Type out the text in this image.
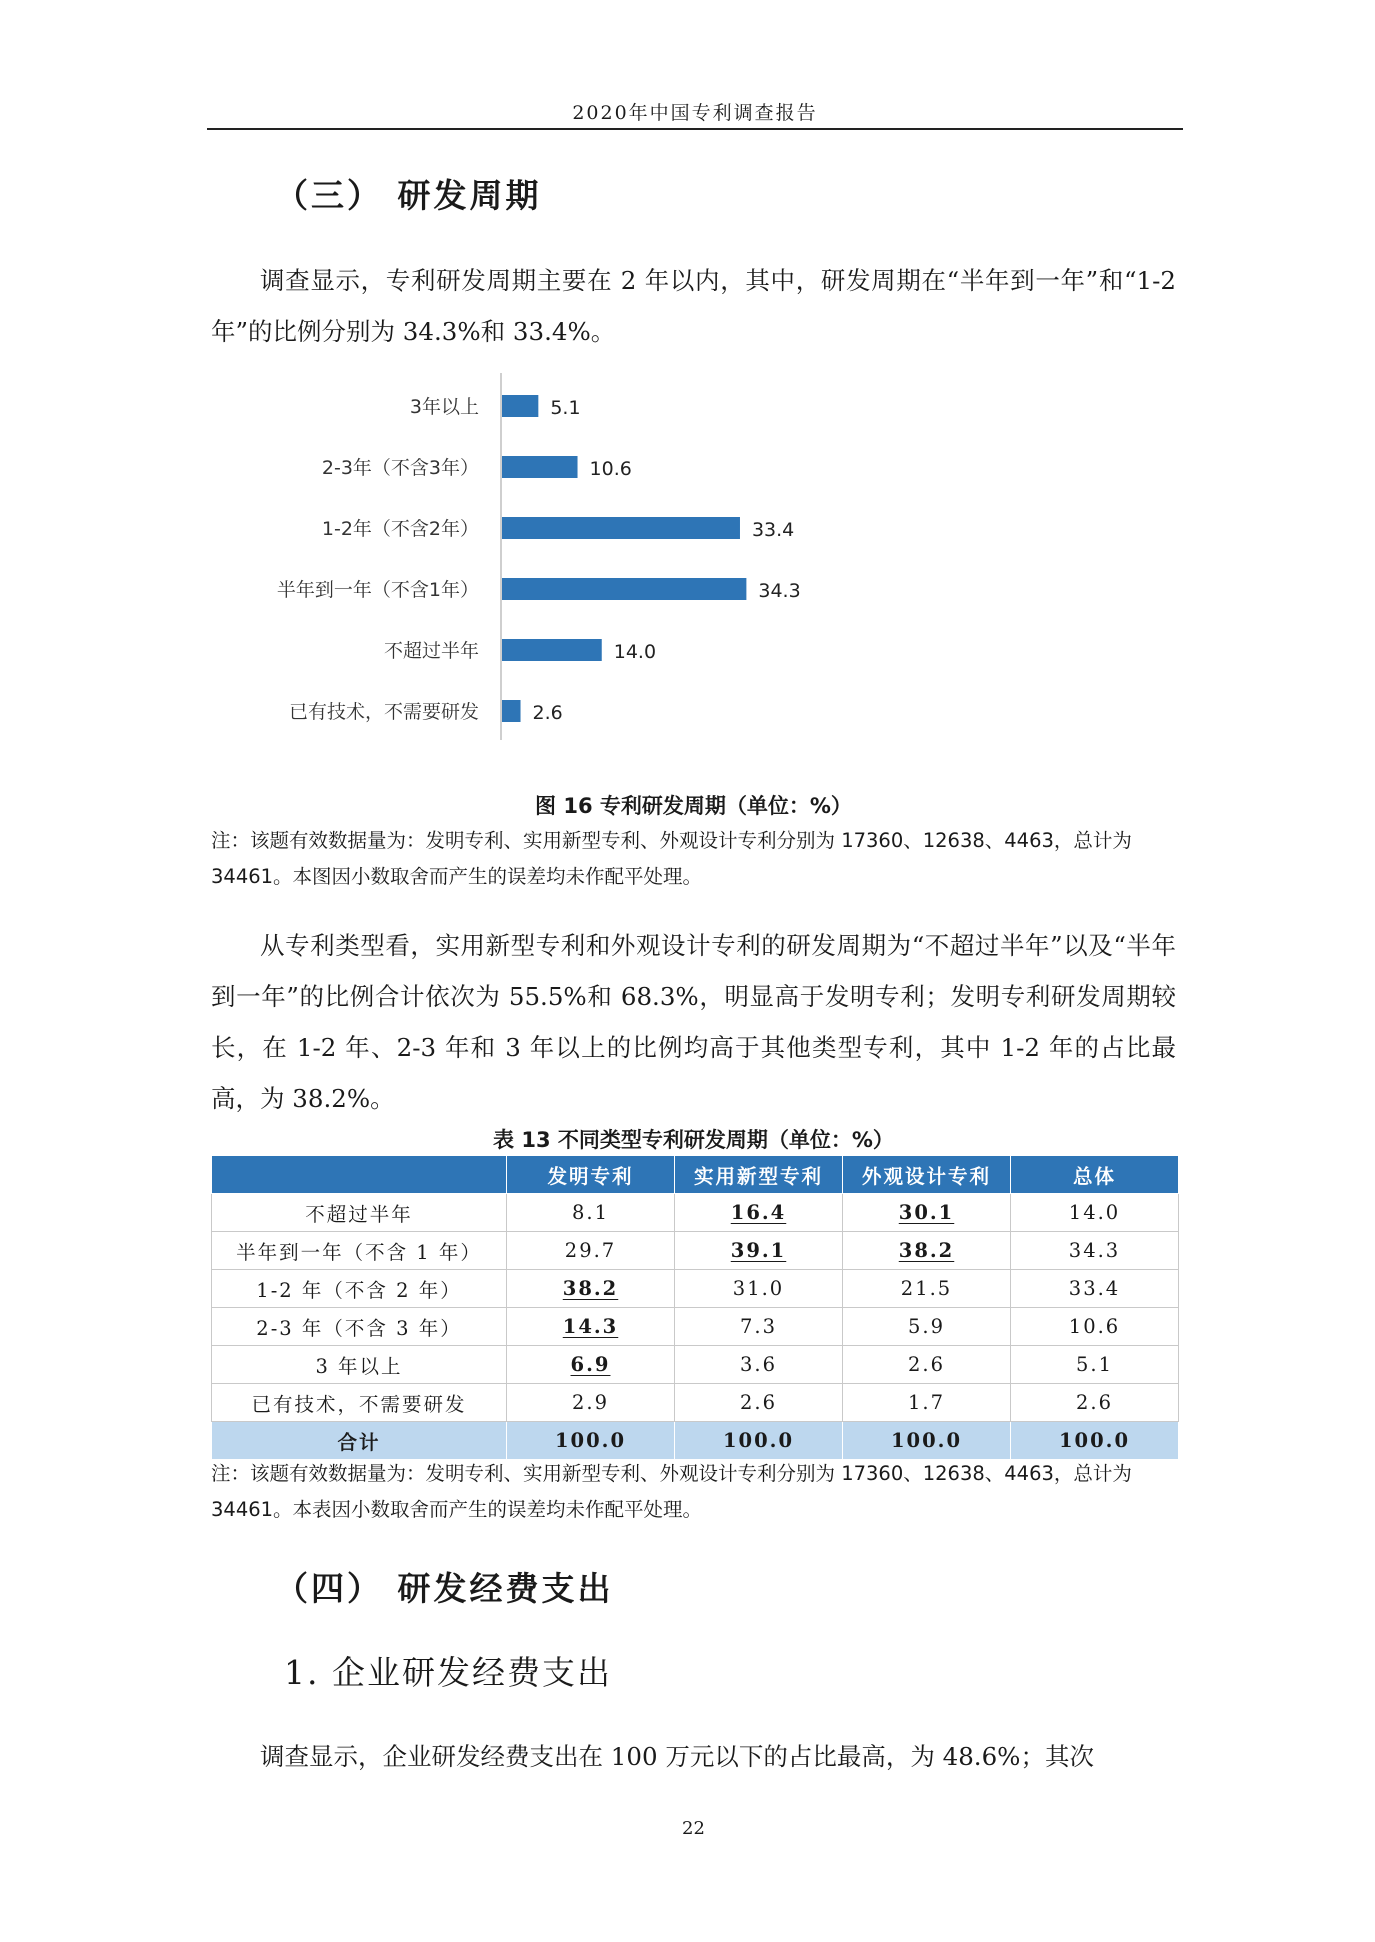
2020年中国专利调查报告
（三） 研发周期

调查显示，专利研发周期主要在 2 年以内，其中，研发周期在“半年到一年”和“1-2 年”的比例分别为 34.3%和 33.4%。

3年以上	5.1
2-3年（不含3年）	10.6
1-2年（不含2年）	33.4
半年到一年（不含1年）	34.3
不超过半年	14.0
已有技术，不需要研发	2.6
图 16 专利研发周期（单位：%）

注：该题有效数据量为：发明专利、实用新型专利、外观设计专利分别为 17360、12638、4463，总计为 34461。本图因小数取舍而产生的误差均未作配平处理。

从专利类型看，实用新型专利和外观设计专利的研发周期为“不超过半年”以及“半年到一年”的比例合计依次为 55.5%和 68.3%，明显高于发明专利；发明专利研发周期较长，在 1-2 年、2-3 年和 3 年以上的比例均高于其他类型专利，其中 1-2 年的占比最高，为 38.2%。

表 13 不同类型专利研发周期（单位：%）
	发明专利	实用新型专利	外观设计专利	总体
不超过半年	8.1	16.4	30.1	14.0
半年到一年（不含 1 年）	29.7	39.1	38.2	34.3
1-2 年（不含 2 年）	38.2	31.0	21.5	33.4
2-3 年（不含 3 年）	14.3	7.3	5.9	10.6
3 年以上	6.9	3.6	2.6	5.1
已有技术，不需要研发	2.9	2.6	1.7	2.6
合计	100.0	100.0	100.0	100.0

注：该题有效数据量为：发明专利、实用新型专利、外观设计专利分别为 17360、12638、4463，总计为 34461。本表因小数取舍而产生的误差均未作配平处理。

（四） 研发经费支出
1. 企业研发经费支出

调查显示，企业研发经费支出在 100 万元以下的占比最高，为 48.6%；其次

22
